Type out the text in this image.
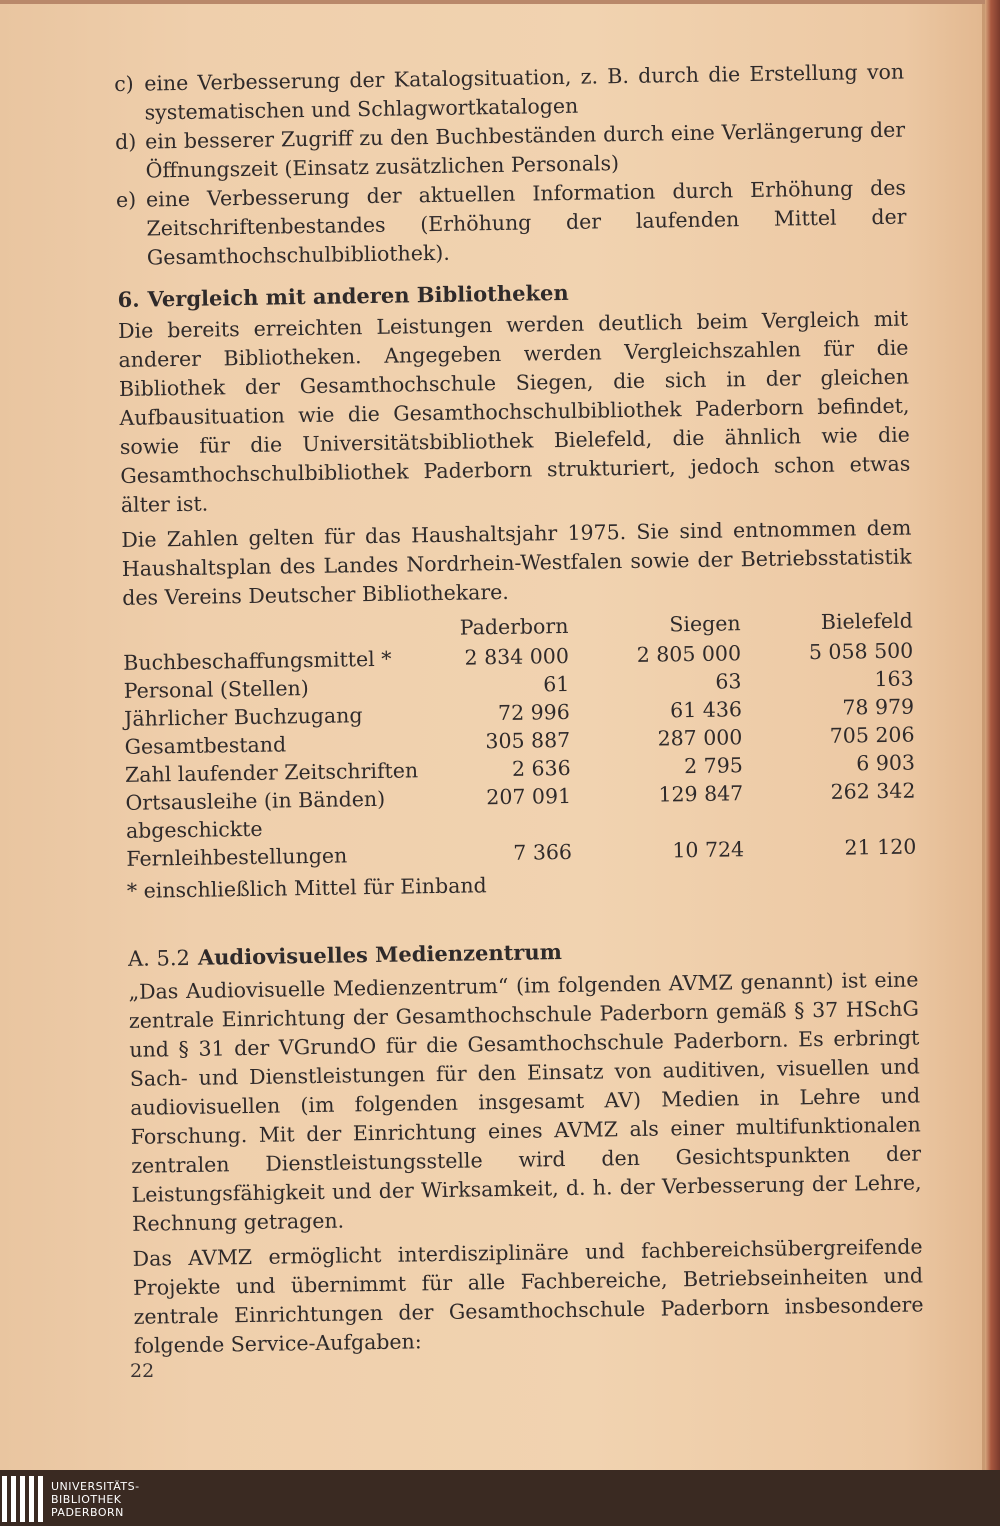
c) eine Verbesserung der Katalogsituation, z. B. durch die Erstellung von systematischen und Schlagwortkatalogen
d) ein besserer Zugriff zu den Buchbeständen durch eine Verlängerung der Öffnungszeit (Einsatz zusätzlichen Personals)
e) eine Verbesserung der aktuellen Information durch Erhöhung des Zeitschriftenbestandes (Erhöhung der laufenden Mittel der Gesamthochschulbibliothek).
6. Vergleich mit anderen Bibliotheken

Die bereits erreichten Leistungen werden deutlich beim Vergleich mit anderer Bibliotheken. Angegeben werden Vergleichszahlen für die Bibliothek der Gesamthochschule Siegen, die sich in der gleichen Aufbausituation wie die Gesamthochschulbibliothek Paderborn befindet, sowie für die Universitätsbibliothek Bielefeld, die ähnlich wie die Gesamthochschulbibliothek Paderborn strukturiert, jedoch schon etwas älter ist.

Die Zahlen gelten für das Haushaltsjahr 1975. Sie sind entnommen dem Haushaltsplan des Landes Nordrhein-Westfalen sowie der Betriebsstatistik des Vereins Deutscher Bibliothekare.

	Paderborn		Siegen		Bielefeld
Buchbeschaffungsmittel *	2 834 000		2 805 000		5 058 500
Personal (Stellen)	61		63		163
Jährlicher Buchzugang	72 996		61 436		78 979
Gesamtbestand	305 887		287 000		705 206
Zahl laufender Zeitschriften	2 636		2 795		6 903
Ortsausleihe (in Bänden)	207 091		129 847		262 342
abgeschickte Fernleihbestellungen	7 366		10 724		21 120
* einschließlich Mittel für Einband
A. 5.2 Audiovisuelles Medienzentrum

„Das Audiovisuelle Medienzentrum“ (im folgenden AVMZ genannt) ist eine zentrale Einrichtung der Gesamthochschule Paderborn gemäß § 37 HSchG und § 31 der VGrundO für die Gesamthochschule Paderborn. Es erbringt Sach- und Dienstleistungen für den Einsatz von auditiven, visuellen und audiovisuellen (im folgenden insgesamt AV) Medien in Lehre und Forschung. Mit der Einrichtung eines AVMZ als einer multifunktionalen zentralen Dienstleistungsstelle wird den Gesichtspunkten der Leistungsfähigkeit und der Wirksamkeit, d. h. der Verbesserung der Lehre, Rechnung getragen.

Das AVMZ ermöglicht interdisziplinäre und fachbereichsübergreifende Projekte und übernimmt für alle Fachbereiche, Betriebseinheiten und zentrale Einrichtungen der Gesamthochschule Paderborn insbesondere folgende Service-Aufgaben:

22
UNIVERSITÄTS-
BIBLIOTHEK
PADERBORN
